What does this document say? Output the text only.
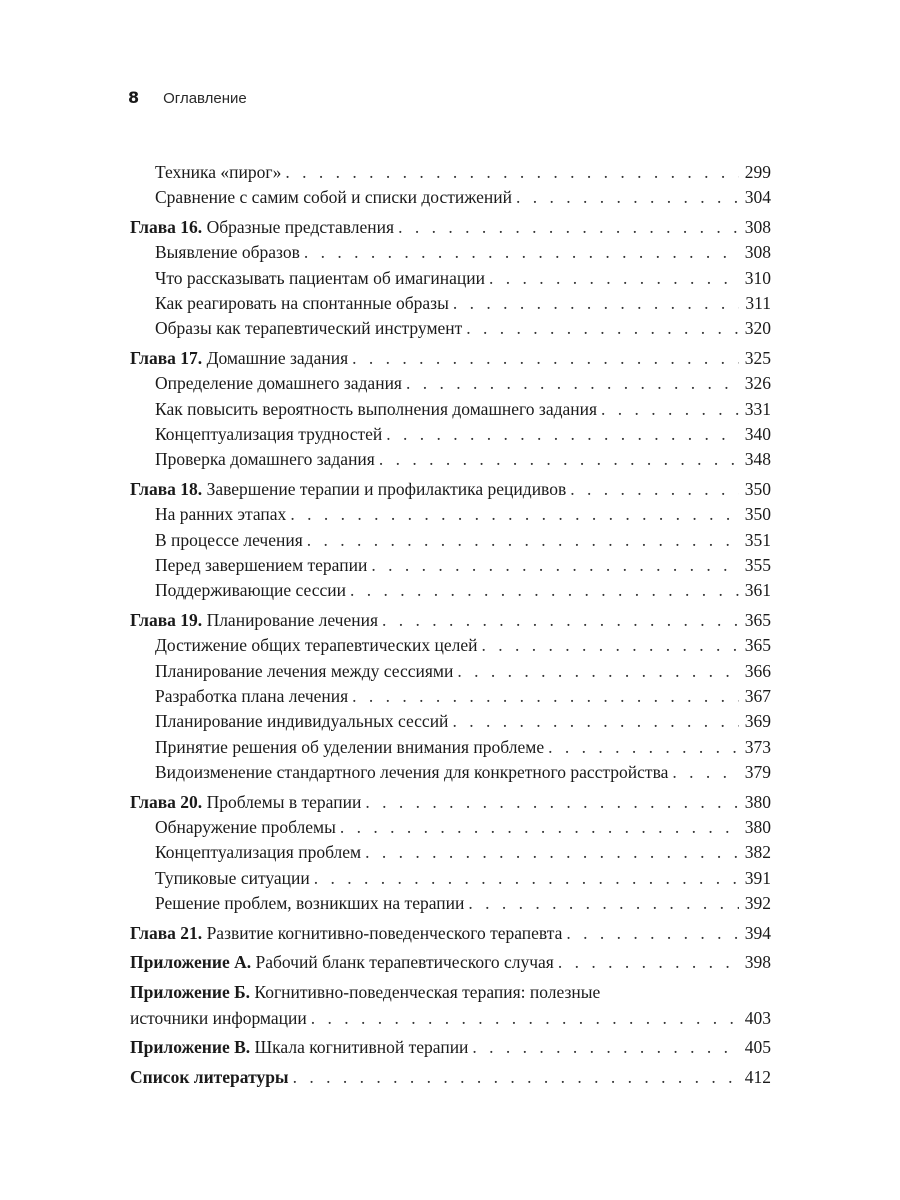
8 Оглавление
Техника «пирог» . . .	299
Сравнение с самим собой и списки достижений . . .	304
Глава 16. Образные представления . . .	308
Выявление образов . . .	308
Что рассказывать пациентам об имагинации . . .	310
Как реагировать на спонтанные образы . . .	311
Образы как терапевтический инструмент . . .	320
Глава 17. Домашние задания . . .	325
Определение домашнего задания . . .	326
Как повысить вероятность выполнения домашнего задания . . .	331
Концептуализация трудностей . . .	340
Проверка домашнего задания . . .	348
Глава 18. Завершение терапии и профилактика рецидивов . . .	350
На ранних этапах . . .	350
В процессе лечения . . .	351
Перед завершением терапии . . .	355
Поддерживающие сессии . . .	361
Глава 19. Планирование лечения . . .	365
Достижение общих терапевтических целей . . .	365
Планирование лечения между сессиями . . .	366
Разработка плана лечения . . .	367
Планирование индивидуальных сессий . . .	369
Принятие решения об уделении внимания проблеме . . .	373
Видоизменение стандартного лечения для конкретного расстройства . . .	379
Глава 20. Проблемы в терапии . . .	380
Обнаружение проблемы . . .	380
Концептуализация проблем . . .	382
Тупиковые ситуации . . .	391
Решение проблем, возникших на терапии . . .	392
Глава 21. Развитие когнитивно-поведенческого терапевта . . .	394
Приложение А. Рабочий бланк терапевтического случая . . .	398
Приложение Б. Когнитивно-поведенческая терапия: полезные
источники информации . . .	403
Приложение В. Шкала когнитивной терапии . . .	405
Список литературы . . .	412
